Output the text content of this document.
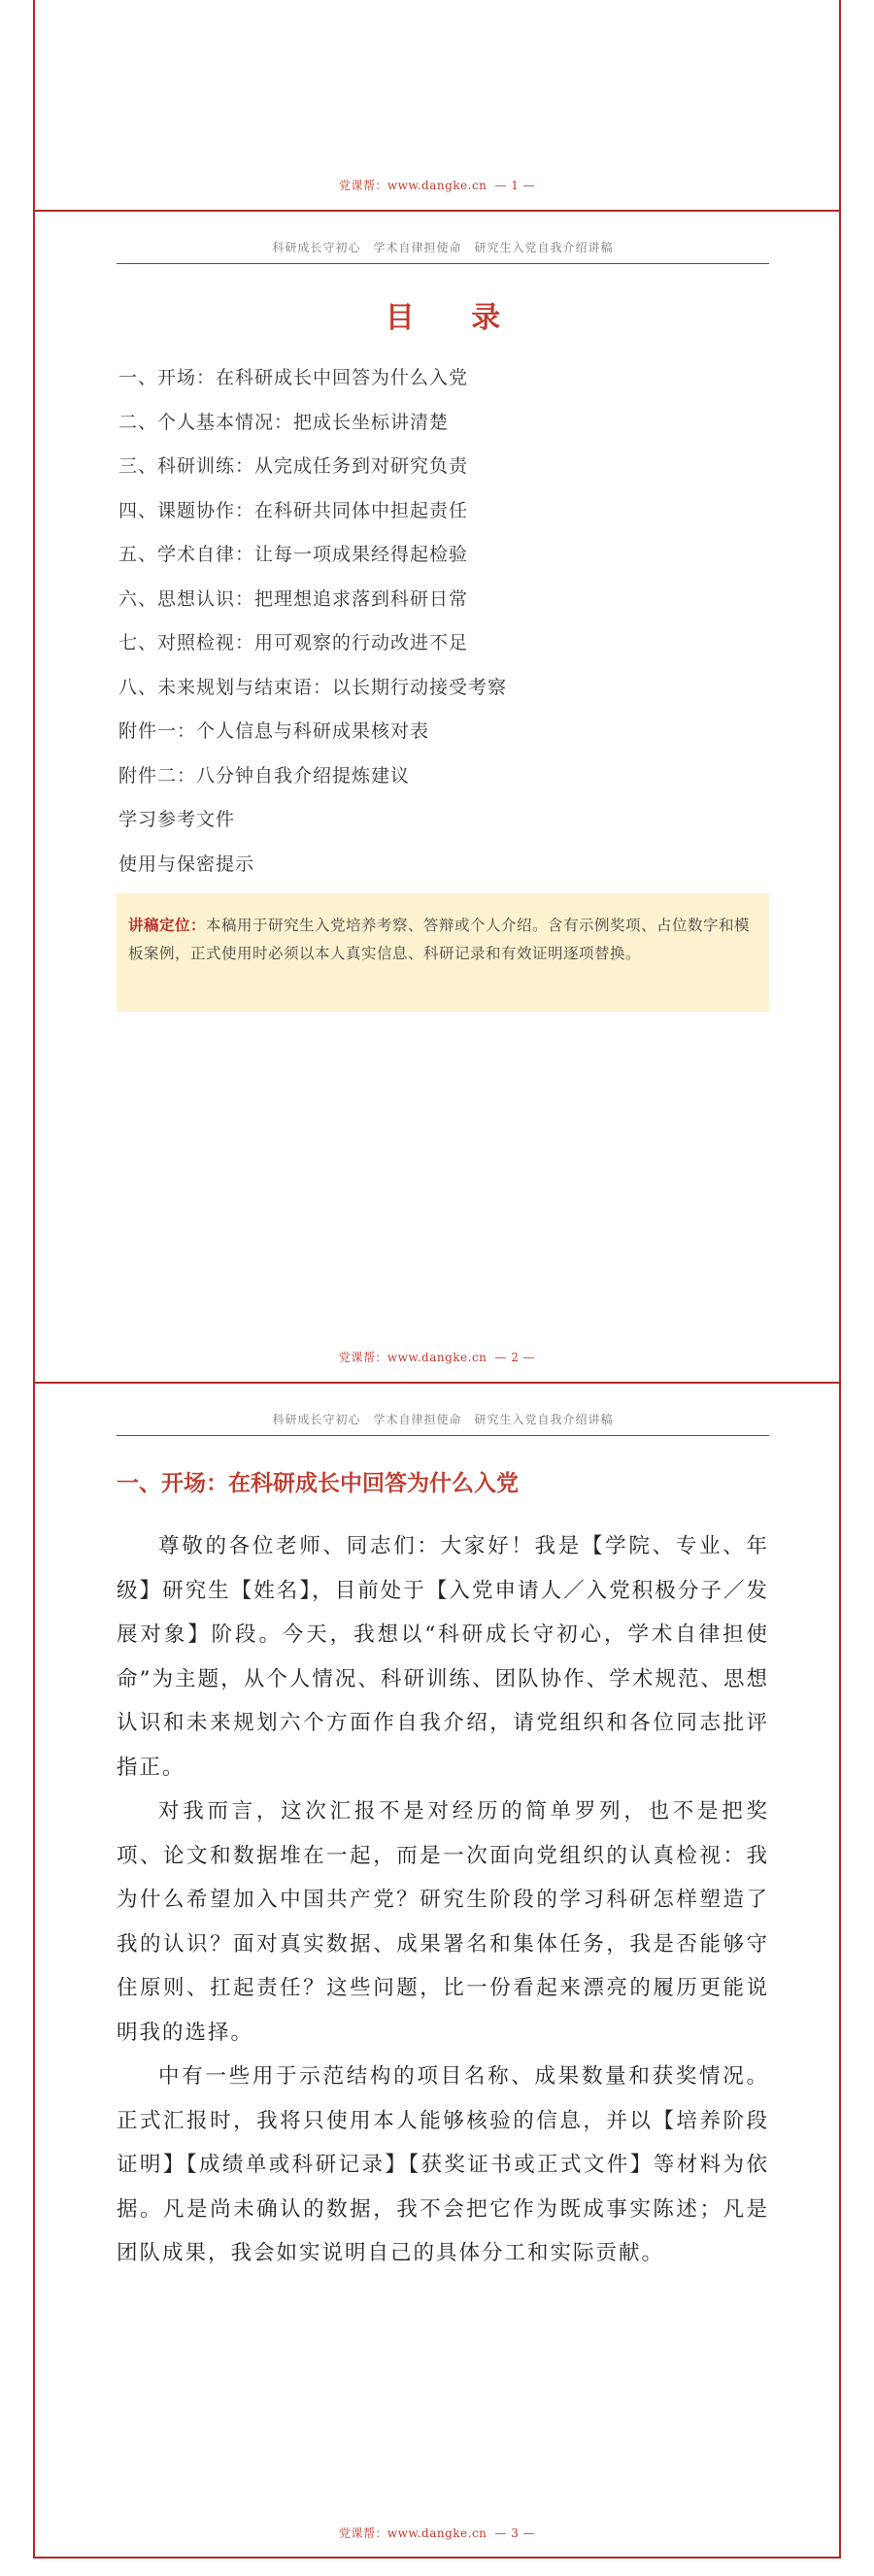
党课帮：www.dangke.cn — 1 —
科研成长守初心　学术自律担使命　研究生入党自我介绍讲稿
目 录
一、开场：在科研成长中回答为什么入党
二、个人基本情况：把成长坐标讲清楚
三、科研训练：从完成任务到对研究负责
四、课题协作：在科研共同体中担起责任
五、学术自律：让每一项成果经得起检验
六、思想认识：把理想追求落到科研日常
七、对照检视：用可观察的行动改进不足
八、未来规划与结束语：以长期行动接受考察
附件一：个人信息与科研成果核对表
附件二：八分钟自我介绍提炼建议
学习参考文件
使用与保密提示
讲稿定位：本稿用于研究生入党培养考察、答辩或个人介绍。含有示例奖项、占位数字和模板案例，正式使用时必须以本人真实信息、科研记录和有效证明逐项替换。
党课帮：www.dangke.cn — 2 —
科研成长守初心　学术自律担使命　研究生入党自我介绍讲稿
一、开场：在科研成长中回答为什么入党

尊敬的各位老师、同志们：大家好！我是【学院、专业、年级】研究生【姓名】，目前处于【入党申请人／入党积极分子／发展对象】阶段。今天，我想以“科研成长守初心，学术自律担使命”为主题，从个人情况、科研训练、团队协作、学术规范、思想认识和未来规划六个方面作自我介绍，请党组织和各位同志批评指正。

对我而言，这次汇报不是对经历的简单罗列，也不是把奖项、论文和数据堆在一起，而是一次面向党组织的认真检视：我为什么希望加入中国共产党？研究生阶段的学习科研怎样塑造了我的认识？面对真实数据、成果署名和集体任务，我是否能够守住原则、扛起责任？这些问题，比一份看起来漂亮的履历更能说明我的选择。

中有一些用于示范结构的项目名称、成果数量和获奖情况。正式汇报时，我将只使用本人能够核验的信息，并以【培养阶段证明】【成绩单或科研记录】【获奖证书或正式文件】等材料为依据。凡是尚未确认的数据，我不会把它作为既成事实陈述；凡是团队成果，我会如实说明自己的具体分工和实际贡献。

党课帮：www.dangke.cn — 3 —
